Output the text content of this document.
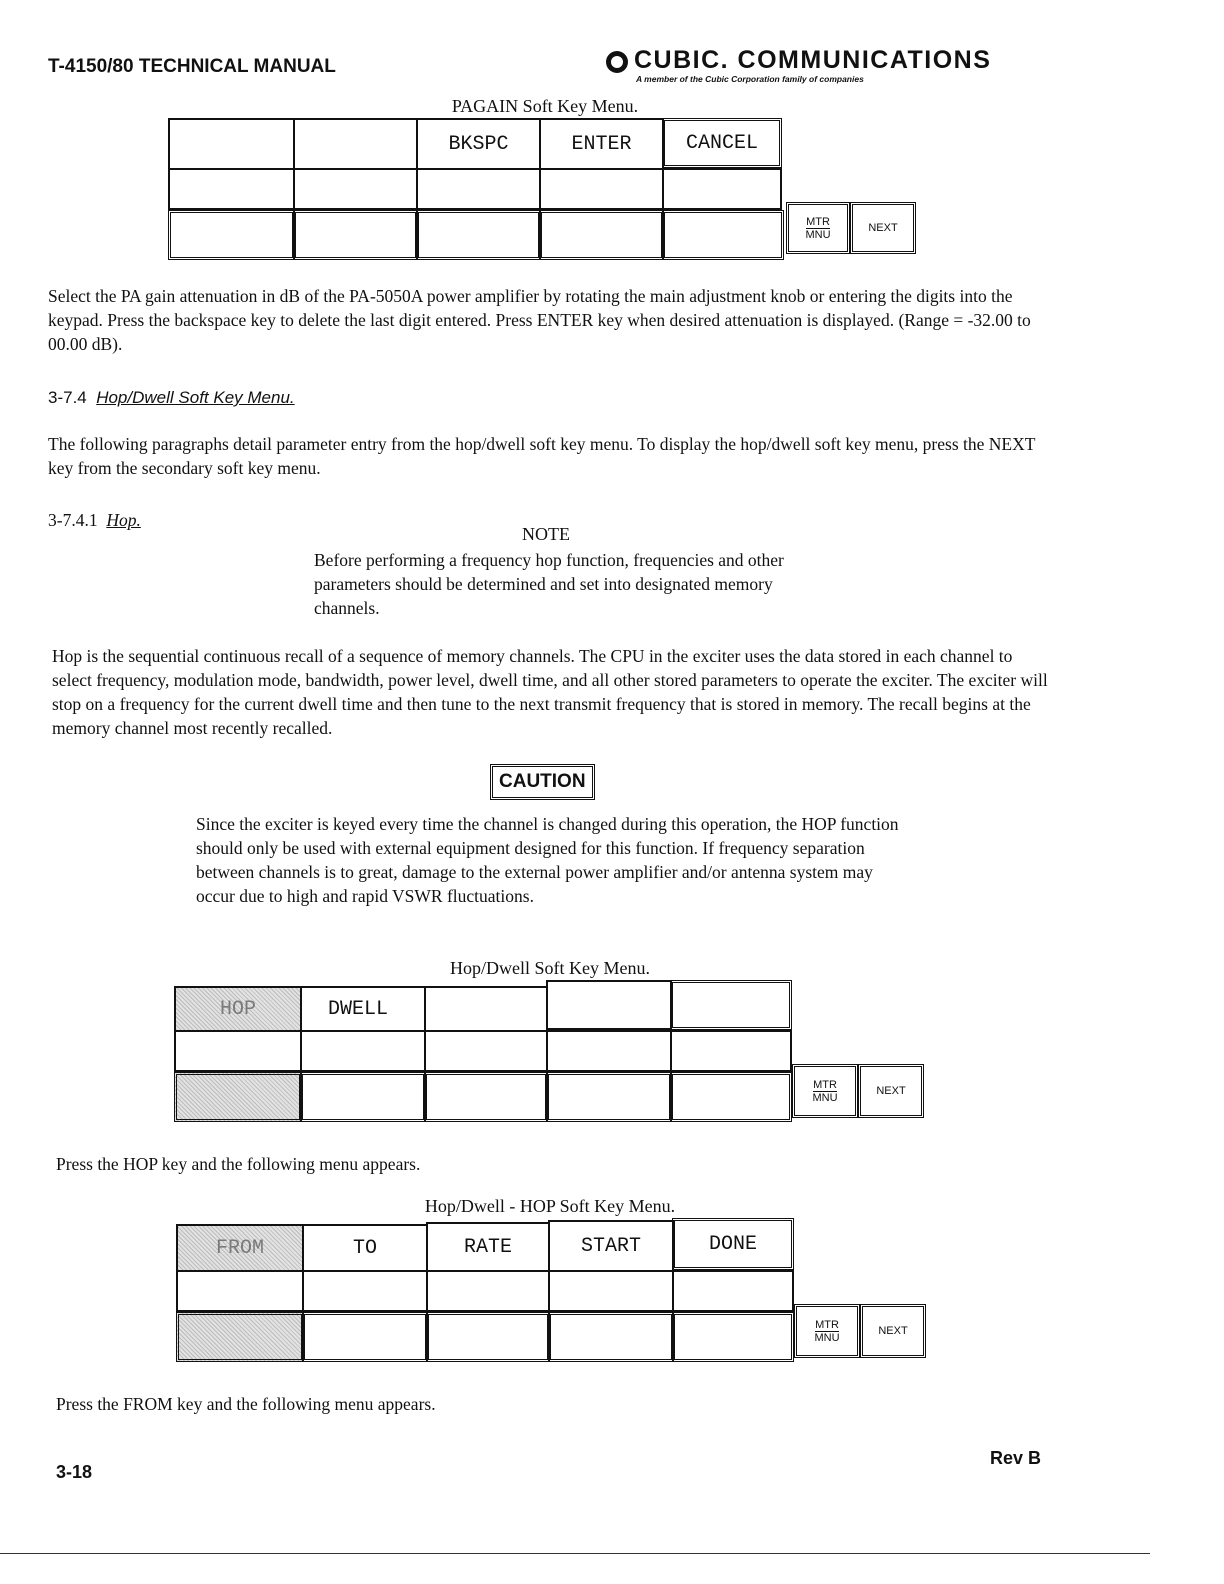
T-4150/80 TECHNICAL MANUAL	CUBIC. COMMUNICATIONS
A member of the Cubic Corporation family of companies
PAGAIN Soft Key Menu.
BKSPC	ENTER	CANCEL
MTR
MNU
NEXT
Select the PA gain attenuation in dB of the PA-5050A power amplifier by rotating the main adjustment knob or entering the digits into the keypad. Press the backspace key to delete the last digit entered. Press ENTER key when desired attenuation is displayed. (Range = -32.00 to 00.00 dB).
3-7.4 Hop/Dwell Soft Key Menu.
The following paragraphs detail parameter entry from the hop/dwell soft key menu. To display the hop/dwell soft key menu, press the NEXT key from the secondary soft key menu.
3-7.4.1 Hop.
NOTE
Before performing a frequency hop function, frequencies and other parameters should be determined and set into designated memory channels.
Hop is the sequential continuous recall of a sequence of memory channels. The CPU in the exciter uses the data stored in each channel to select frequency, modulation mode, bandwidth, power level, dwell time, and all other stored parameters to operate the exciter. The exciter will stop on a frequency for the current dwell time and then tune to the next transmit frequency that is stored in memory. The recall begins at the memory channel most recently recalled.
CAUTION
Since the exciter is keyed every time the channel is changed during this operation, the HOP function should only be used with external equipment designed for this function. If frequency separation between channels is to great, damage to the external power amplifier and/or antenna system may occur due to high and rapid VSWR fluctuations.
Hop/Dwell Soft Key Menu.
HOP	DWELL
MTR
MNU
NEXT
Press the HOP key and the following menu appears.
Hop/Dwell - HOP Soft Key Menu.
FROM	TO	RATE	START	DONE
MTR
MNU
NEXT
Press the FROM key and the following menu appears.
3-18
Rev B
